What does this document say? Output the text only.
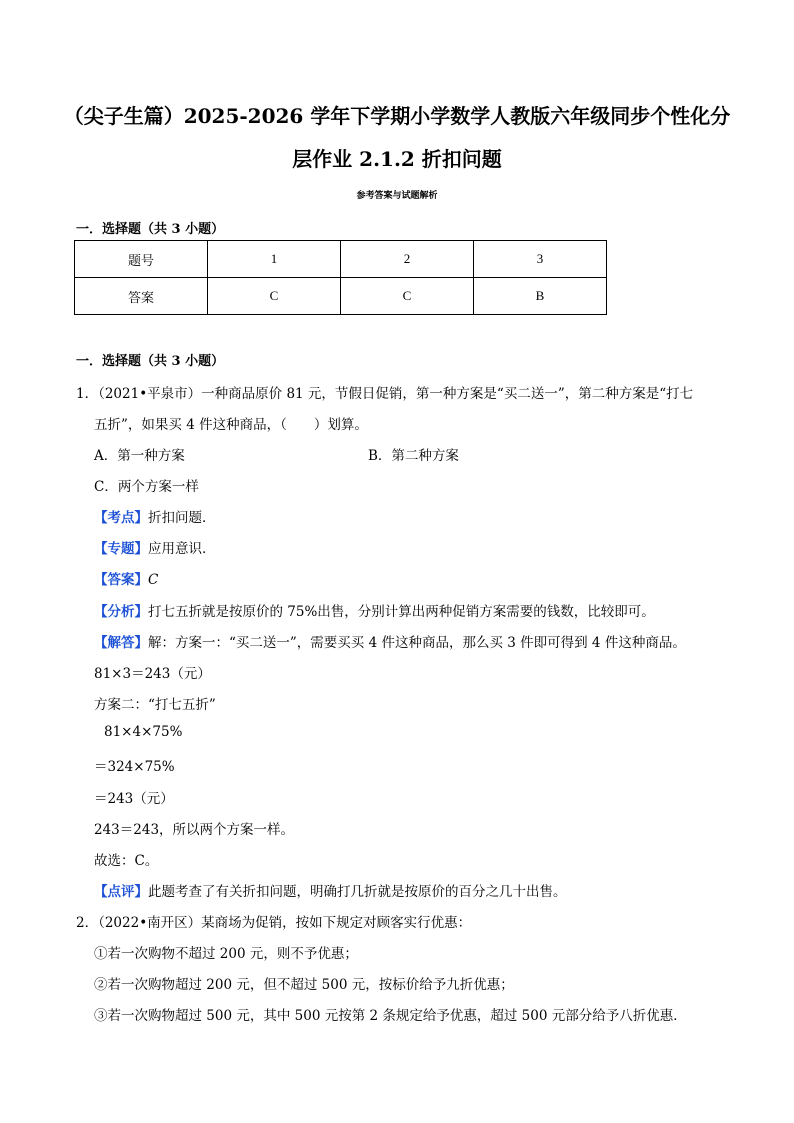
（尖子生篇）2025-2026 学年下学期小学数学人教版六年级同步个性化分
层作业 2.1.2 折扣问题
参考答案与试题解析
一．选择题（共 3 小题）
题号	1	2	3
答案	C	C	B
一．选择题（共 3 小题）
1．（2021•平泉市）一种商品原价 81 元，节假日促销，第一种方案是“买二送一”，第二种方案是“打七
五折”，如果买 4 件这种商品，（　　）划算。
A．第一种方案	B．第二种方案
C．两个方案一样
【考点】折扣问题．
【专题】应用意识．
【答案】C
【分析】打七五折就是按原价的 75%出售，分别计算出两种促销方案需要的钱数，比较即可。
【解答】解：方案一：“买二送一”，需要买买 4 件这种商品，那么买 3 件即可得到 4 件这种商品。
81×3＝243（元）
方案二：“打七五折”
81×4×75%
＝324×75%
＝243（元）
243＝243，所以两个方案一样。
故选：C。
【点评】此题考查了有关折扣问题，明确打几折就是按原价的百分之几十出售。
2．（2022•南开区）某商场为促销，按如下规定对顾客实行优惠：
①若一次购物不超过 200 元，则不予优惠；
②若一次购物超过 200 元，但不超过 500 元，按标价给予九折优惠；
③若一次购物超过 500 元，其中 500 元按第 2 条规定给予优惠，超过 500 元部分给予八折优惠．
